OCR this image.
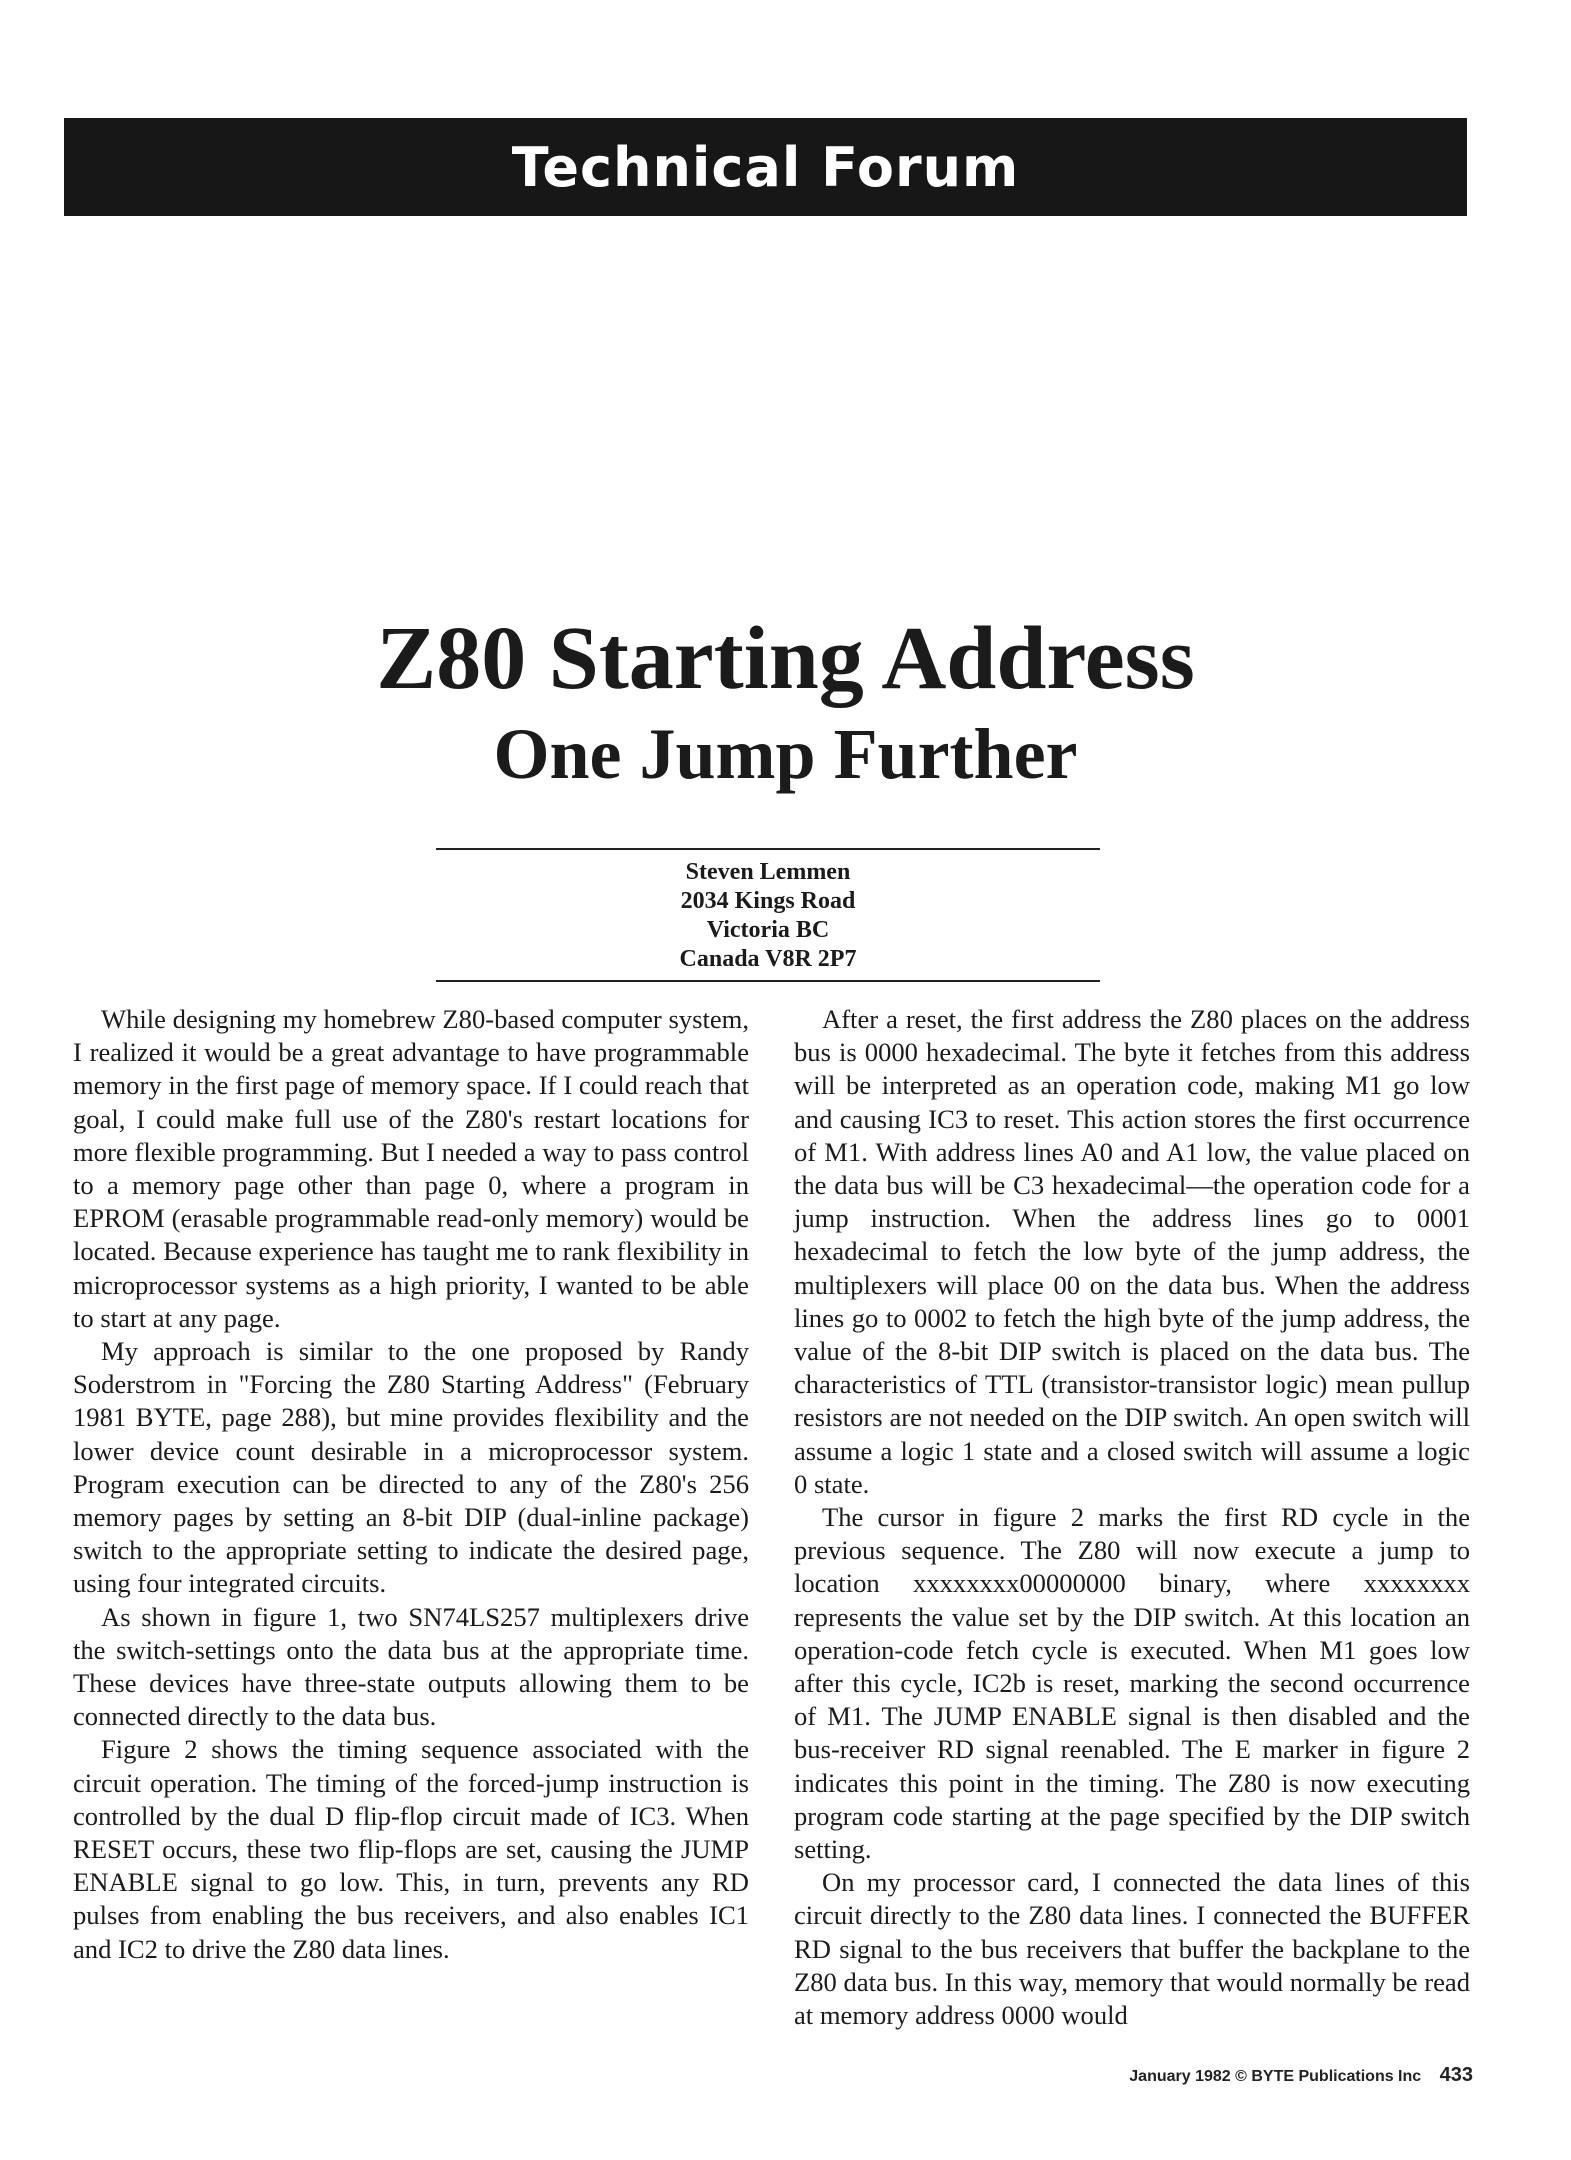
Technical Forum
Z80 Starting Address
One Jump Further
Steven Lemmen
2034 Kings Road
Victoria BC
Canada V8R 2P7

While designing my homebrew Z80-based computer system, I realized it would be a great advantage to have programmable memory in the first page of memory space. If I could reach that goal, I could make full use of the Z80's restart locations for more flexible programming. But I needed a way to pass control to a memory page other than page 0, where a program in EPROM (erasable programmable read-only memory) would be located. Because experience has taught me to rank flexibility in microprocessor systems as a high priority, I wanted to be able to start at any page.

My approach is similar to the one proposed by Randy Soderstrom in "Forcing the Z80 Starting Address" (February 1981 BYTE, page 288), but mine provides flexibility and the lower device count desirable in a microprocessor system. Program execution can be directed to any of the Z80's 256 memory pages by setting an 8-bit DIP (dual-inline package) switch to the appropriate setting to indicate the desired page, using four integrated circuits.

As shown in figure 1, two SN74LS257 multiplexers drive the switch-settings onto the data bus at the appropriate time. These devices have three-state outputs allowing them to be connected directly to the data bus.

Figure 2 shows the timing sequence associated with the circuit operation. The timing of the forced-jump instruction is controlled by the dual D flip-flop circuit made of IC3. When RESET occurs, these two flip-flops are set, causing the JUMP ENABLE signal to go low. This, in turn, prevents any RD pulses from enabling the bus receivers, and also enables IC1 and IC2 to drive the Z80 data lines.

After a reset, the first address the Z80 places on the address bus is 0000 hexadecimal. The byte it fetches from this address will be interpreted as an operation code, making M1 go low and causing IC3 to reset. This action stores the first occurrence of M1. With address lines A0 and A1 low, the value placed on the data bus will be C3 hexadecimal—the operation code for a jump instruction. When the address lines go to 0001 hexadecimal to fetch the low byte of the jump address, the multiplexers will place 00 on the data bus. When the address lines go to 0002 to fetch the high byte of the jump address, the value of the 8-bit DIP switch is placed on the data bus. The characteristics of TTL (transistor-transistor logic) mean pullup resistors are not needed on the DIP switch. An open switch will assume a logic 1 state and a closed switch will assume a logic 0 state.

The cursor in figure 2 marks the first RD cycle in the previous sequence. The Z80 will now execute a jump to location xxxxxxxx00000000 binary, where xxxxxxxx represents the value set by the DIP switch. At this location an operation-code fetch cycle is executed. When M1 goes low after this cycle, IC2b is reset, marking the second occurrence of M1. The JUMP ENABLE signal is then disabled and the bus-receiver RD signal reenabled. The E marker in figure 2 indicates this point in the timing. The Z80 is now executing program code starting at the page specified by the DIP switch setting.

On my processor card, I connected the data lines of this circuit directly to the Z80 data lines. I connected the BUFFER RD signal to the bus receivers that buffer the backplane to the Z80 data bus. In this way, memory that would normally be read at memory address 0000 would

January 1982 © BYTE Publications Inc 433
